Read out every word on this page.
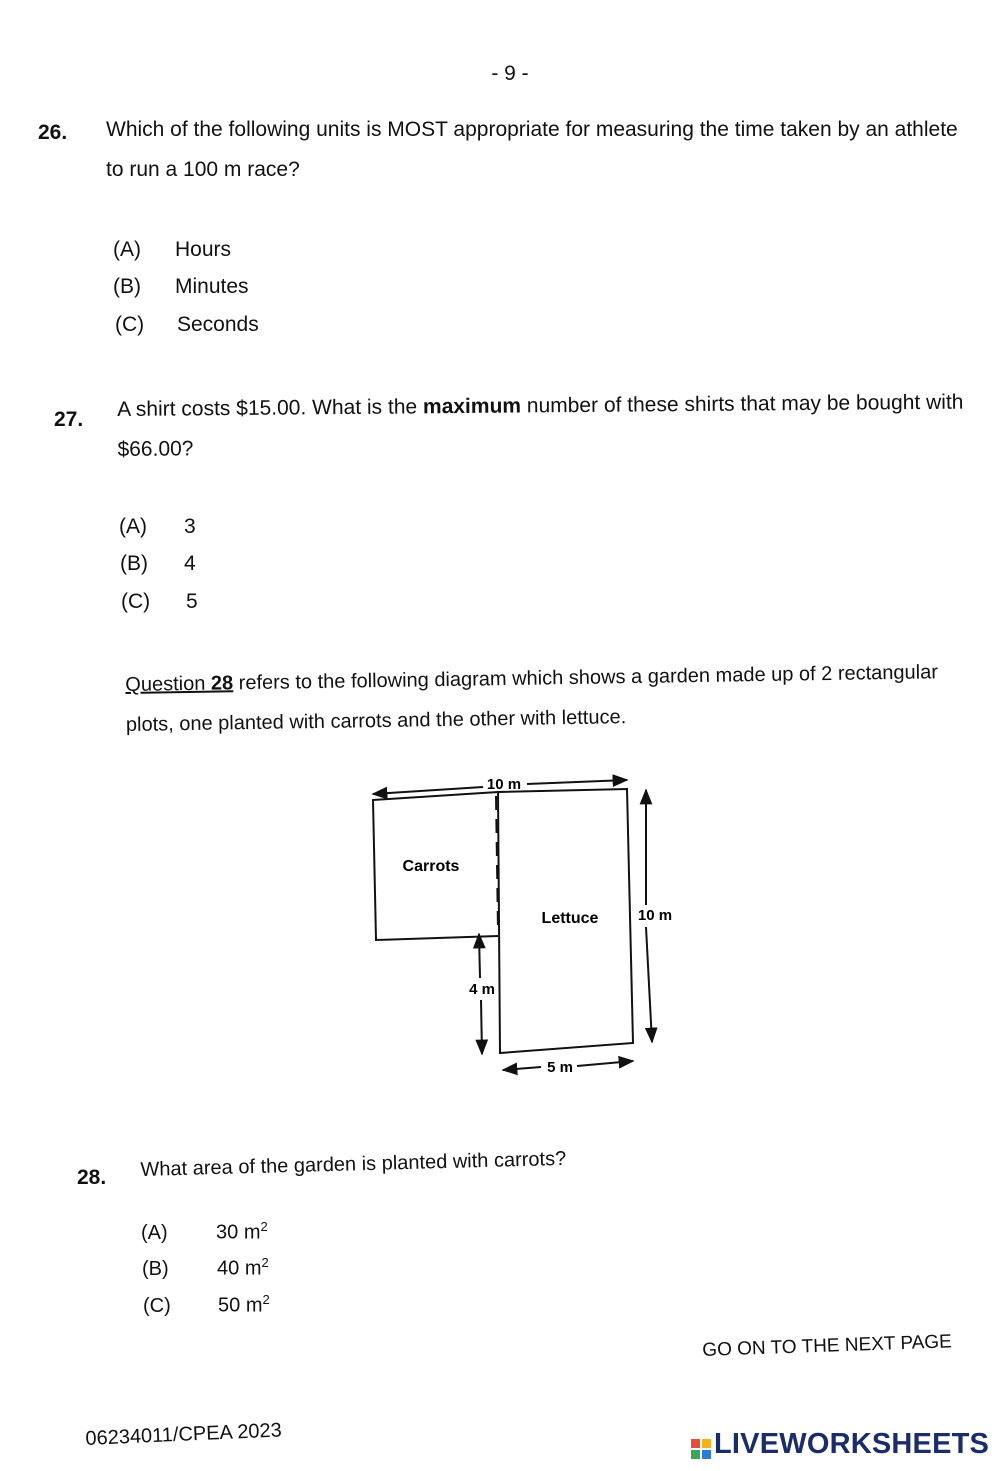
- 9 -
26. Which of the following units is MOST appropriate for measuring the time taken by an athlete
to run a 100 m race?
(A) Hours
(B) Minutes
(C) Seconds
27. A shirt costs $15.00. What is the maximum number of these shirts that may be bought with
$66.00?
(A) 3
(B) 4
(C) 5
Question 28 refers to the following diagram which shows a garden made up of 2 rectangular
plots, one planted with carrots and the other with lettuce.
10 m
10 m
4 m
5 m
Carrots
Lettuce
28. What area of the garden is planted with carrots?
(A) 30 $m^2$
(B) 40 $m^2$
(C) 50 $m^2$
GO ON TO THE NEXT PAGE
06234011/CPEA 2023	LIVEWORKSHEETS
